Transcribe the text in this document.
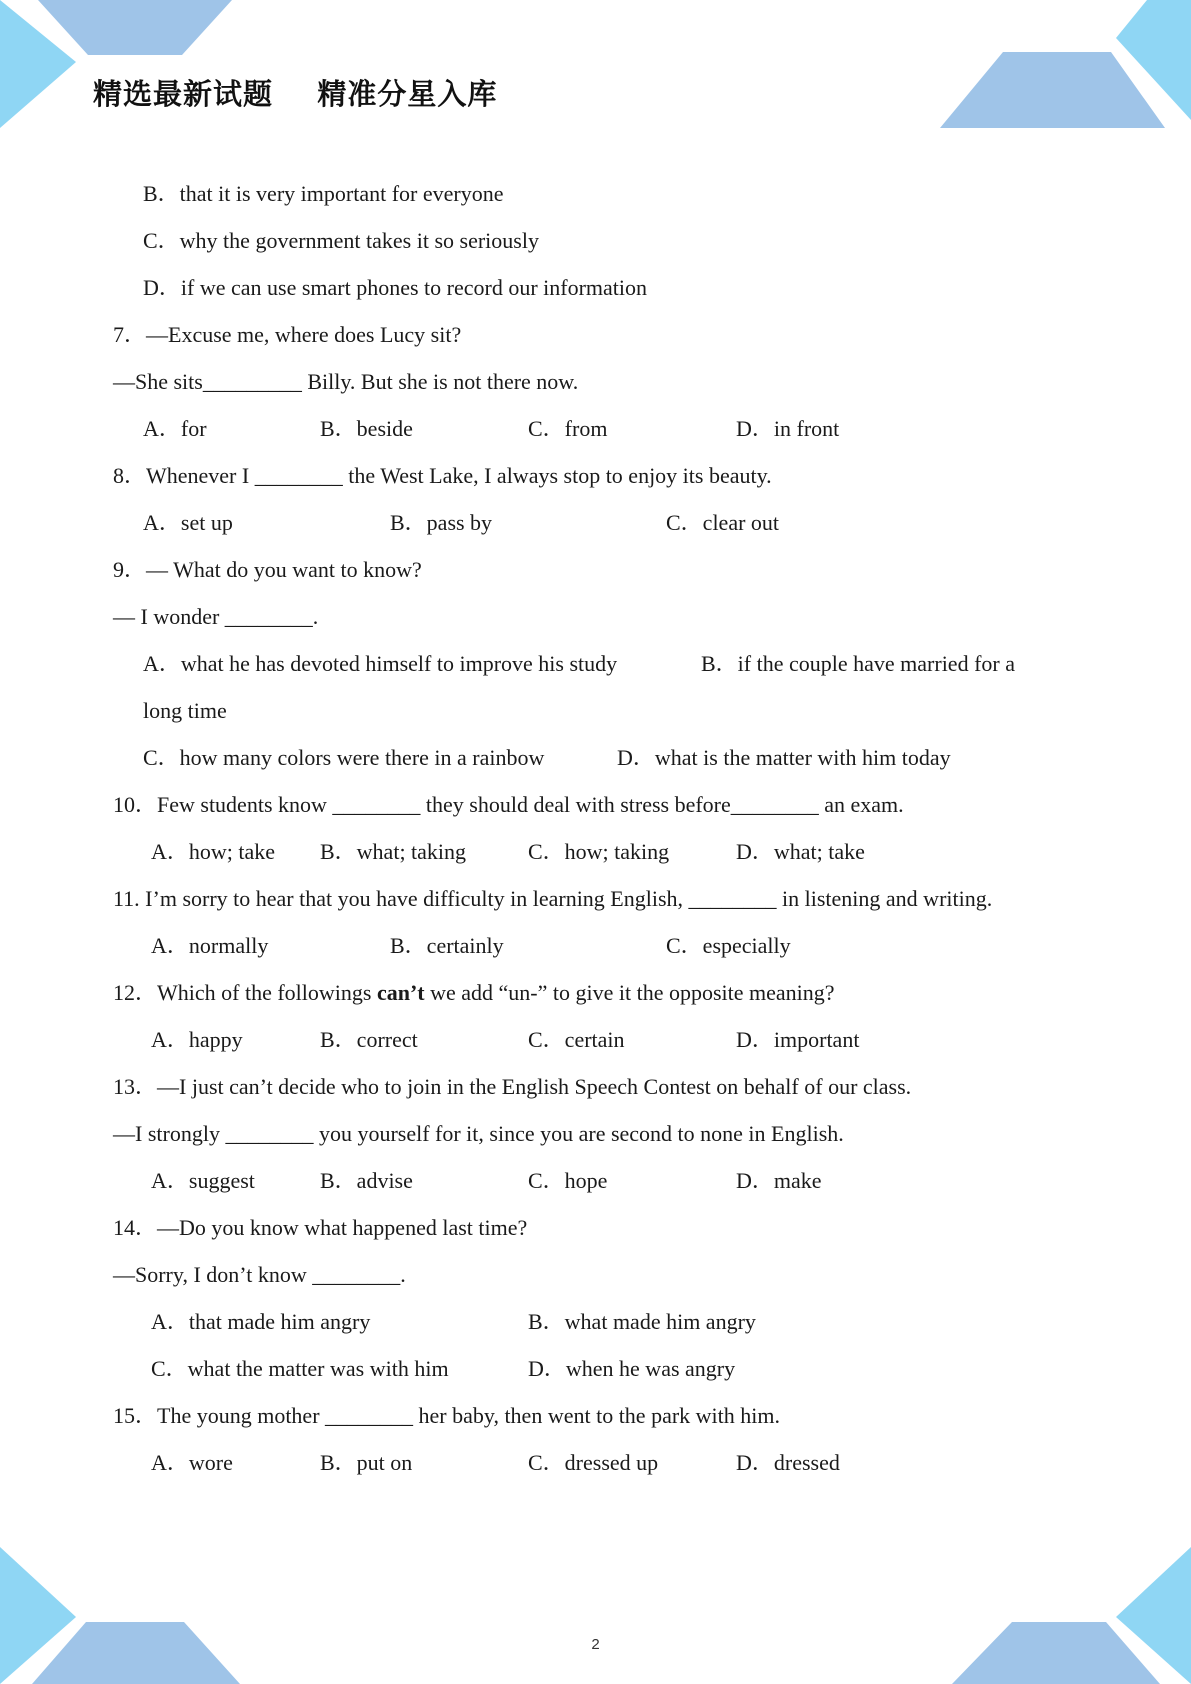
精选最新试题    精准分星入库
B．that it is very important for everyone
C．why the government takes it so seriously
D．if we can use smart phones to record our information
7．—Excuse me, where does Lucy sit?
—She sits_________ Billy. But she is not there now.
A．for	B．beside	C．from	D．in front
8．Whenever I ________ the West Lake, I always stop to enjoy its beauty.
A．set up	B．pass by	C．clear out
9．— What do you want to know?
— I wonder ________.
A．what he has devoted himself to improve his study	B．if the couple have married for a
long time
C．how many colors were there in a rainbow	D．what is the matter with him today
10．Few students know ________ they should deal with stress before________ an exam.
A．how; take B．what; taking	C．how; taking	D．what; take
11. I’m sorry to hear that you have difficulty in learning English, ________ in listening and writing.
A．normally	B．certainly	C．especially
12．Which of the followings can’t we add “un-” to give it the opposite meaning?
A．happy	B．correct	C．certain	D．important
13．—I just can’t decide who to join in the English Speech Contest on behalf of our class.
—I strongly ________ you yourself for it, since you are second to none in English.
A．suggest	B．advise	C．hope	D．make
14．—Do you know what happened last time?
—Sorry, I don’t know ________.
A．that made him angry	B．what made him angry
C．what the matter was with him	D．when he was angry
15．The young mother ________ her baby, then went to the park with him.
A．wore	B．put on	C．dressed up	D．dressed
2
